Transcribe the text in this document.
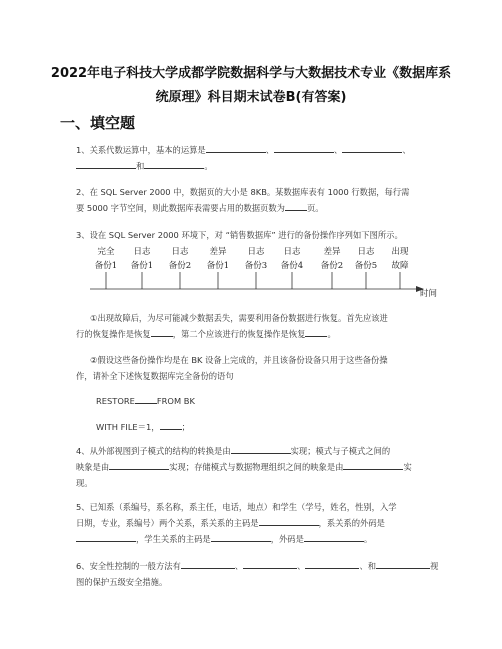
2022年电子科技大学成都学院数据科学与大数据技术专业《数据库系
统原理》科目期末试卷B(有答案)
一、填空题
1、关系代数运算中，基本的运算是	、	、	、
和	。
2、在 SQL Server 2000 中，数据页的大小是 8KB。某数据库表有 1000 行数据，每行需
要 5000 字节空间，则此数据库表需要占用的数据页数为	页。
3、设在 SQL Server 2000 环境下，对 “销售数据库” 进行的备份操作序列如下图所示。
完全
备份1
日志
备份1
日志
备份2
差异
备份1
日志
备份3
日志
备份4
差异
备份2
日志
备份5
出现
故障
时间
①出现故障后，为尽可能减少数据丢失，需要利用备份数据进行恢复。首先应该进
行的恢复操作是恢复	，第二个应该进行的恢复操作是恢复	。
②假设这些备份操作均是在 BK 设备上完成的，并且该备份设备只用于这些备份操
作，请补全下述恢复数据库完全备份的语句
RESTORE	FROM BK
WITH FILE＝1，	；
4、从外部视图到子模式的结构的转换是由	实现；模式与子模式之间的
映象是由	实现；存储模式与数据物理组织之间的映象是由	实
现。
5、已知系（系编号，系名称，系主任，电话，地点）和学生（学号，姓名，性别，入学
日期，专业，系编号）两个关系，系关系的主码是	，系关系的外码是
，学生关系的主码是	，外码是	。
6、安全性控制的一般方法有	、	、	、和	视
图的保护五级安全措施。
